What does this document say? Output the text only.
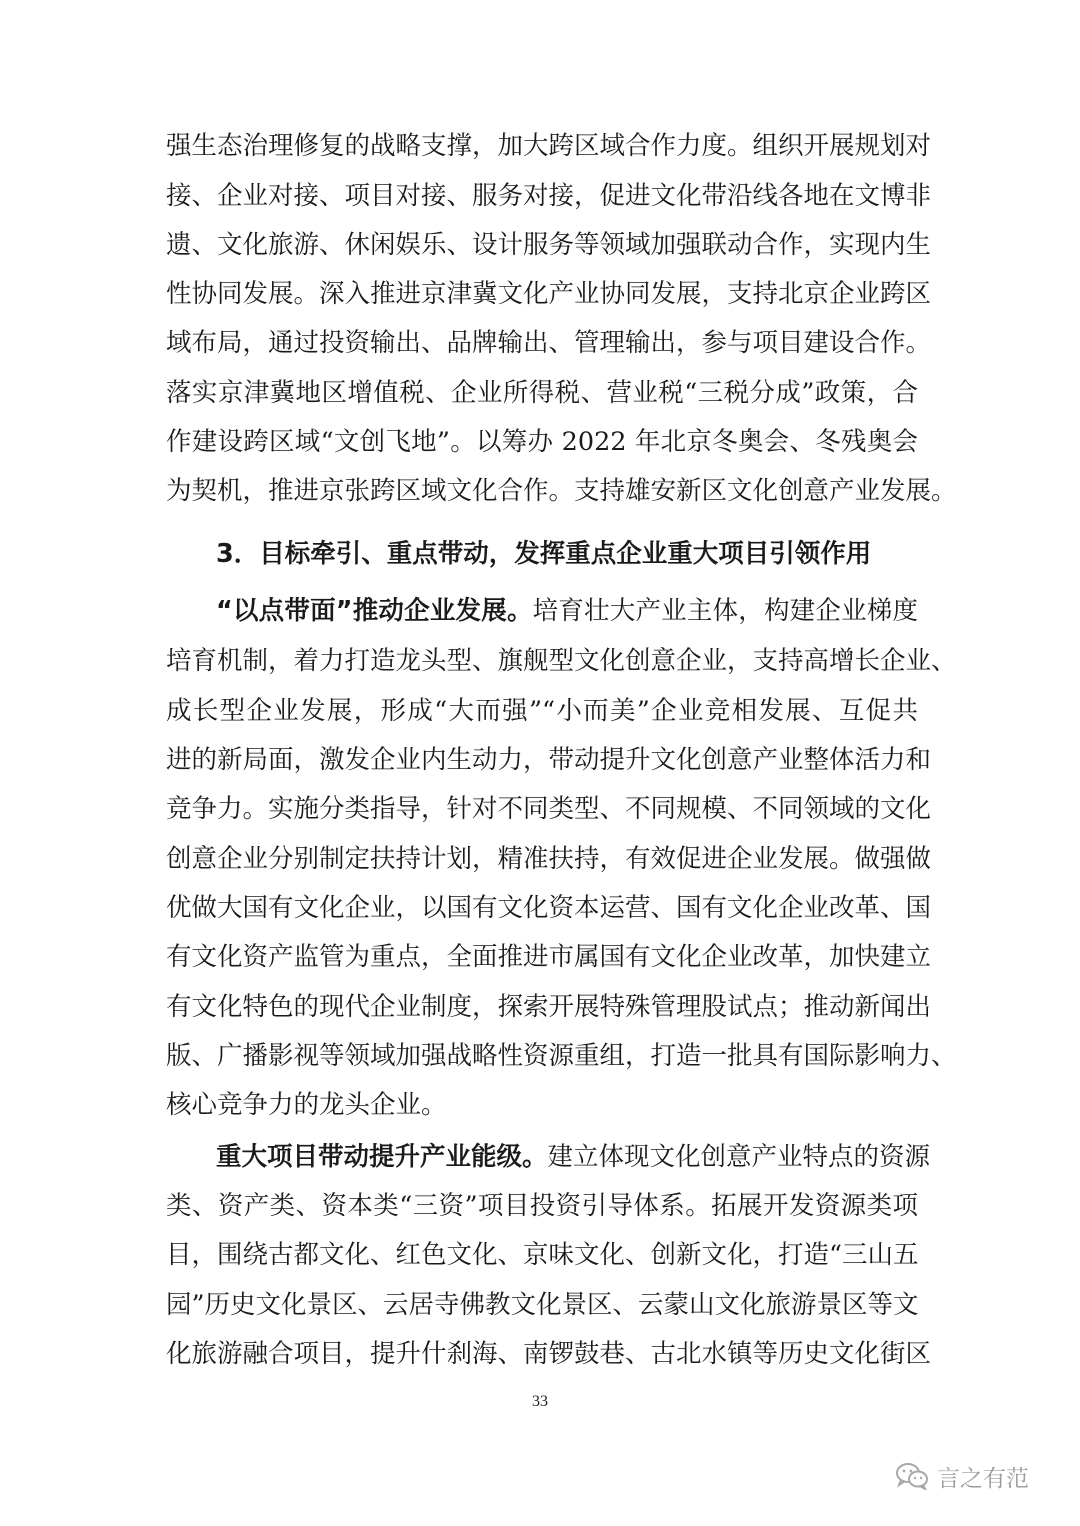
强生态治理修复的战略支撑，加大跨区域合作力度。组织开展规划对
接、企业对接、项目对接、服务对接，促进文化带沿线各地在文博非
遗、文化旅游、休闲娱乐、设计服务等领域加强联动合作，实现内生
性协同发展。深入推进京津冀文化产业协同发展，支持北京企业跨区
域布局，通过投资输出、品牌输出、管理输出，参与项目建设合作。
落实京津冀地区增值税、企业所得税、营业税“三税分成”政策，合
作建设跨区域“文创飞地”。以筹办 2022 年北京冬奥会、冬残奥会
为契机，推进京张跨区域文化合作。支持雄安新区文化创意产业发展。
3．目标牵引、重点带动，发挥重点企业重大项目引领作用
“以点带面”推动企业发展。培育壮大产业主体，构建企业梯度
培育机制，着力打造龙头型、旗舰型文化创意企业，支持高增长企业、
成长型企业发展，形成“大而强”“小而美”企业竞相发展、互促共
进的新局面，激发企业内生动力，带动提升文化创意产业整体活力和
竞争力。实施分类指导，针对不同类型、不同规模、不同领域的文化
创意企业分别制定扶持计划，精准扶持，有效促进企业发展。做强做
优做大国有文化企业，以国有文化资本运营、国有文化企业改革、国
有文化资产监管为重点，全面推进市属国有文化企业改革，加快建立
有文化特色的现代企业制度，探索开展特殊管理股试点；推动新闻出
版、广播影视等领域加强战略性资源重组，打造一批具有国际影响力、
核心竞争力的龙头企业。
重大项目带动提升产业能级。建立体现文化创意产业特点的资源
类、资产类、资本类“三资”项目投资引导体系。拓展开发资源类项
目，围绕古都文化、红色文化、京味文化、创新文化，打造“三山五
园”历史文化景区、云居寺佛教文化景区、云蒙山文化旅游景区等文
化旅游融合项目，提升什刹海、南锣鼓巷、古北水镇等历史文化街区
33
言之有范
